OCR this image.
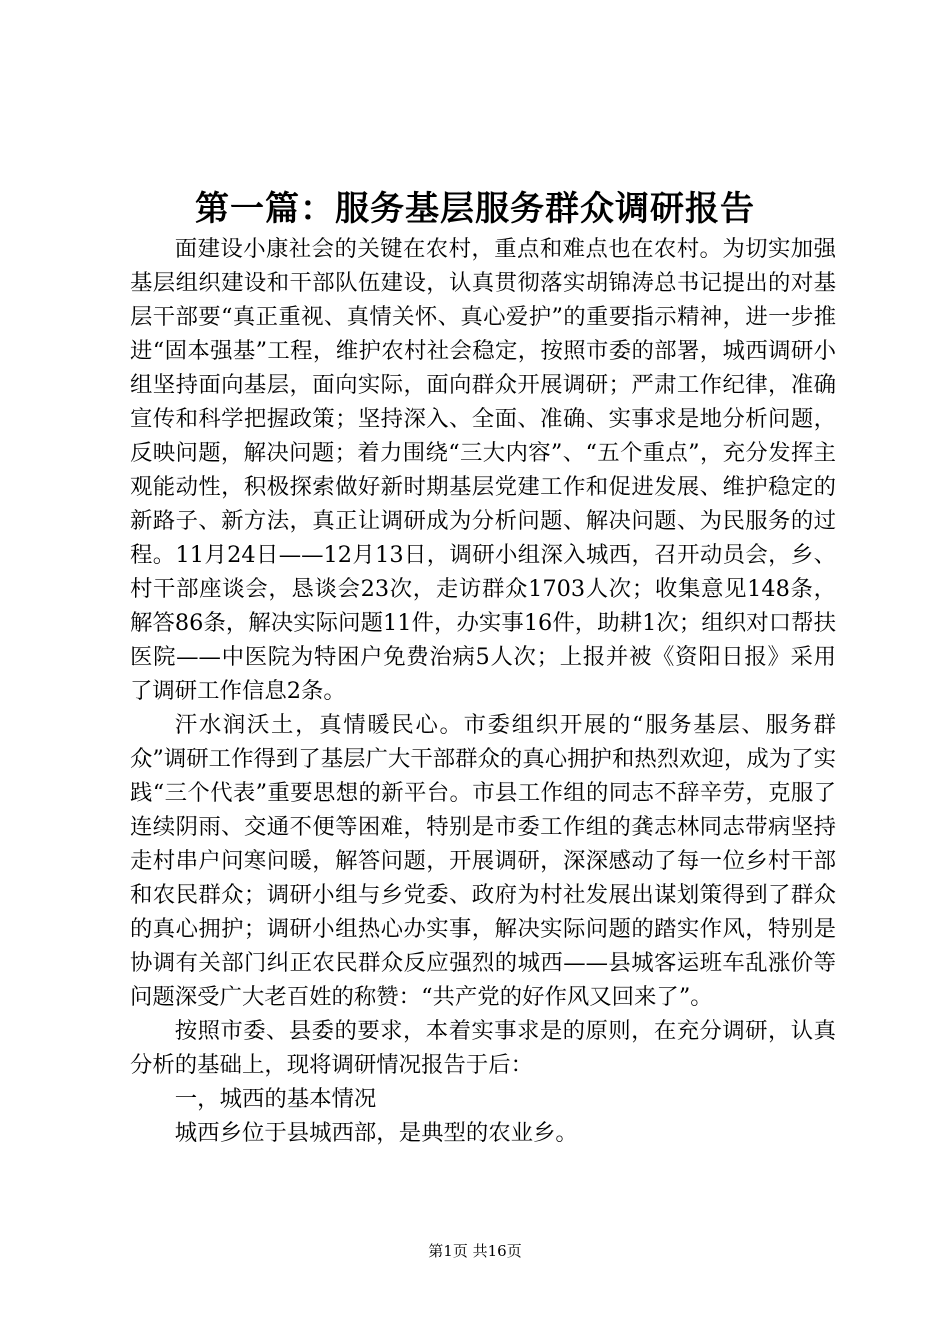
第一篇：服务基层服务群众调研报告

面建设小康社会的关键在农村，重点和难点也在农村。为切实加强基层组织建设和干部队伍建设，认真贯彻落实胡锦涛总书记提出的对基层干部要“真正重视、真情关怀、真心爱护”的重要指示精神，进一步推进“固本强基”工程，维护农村社会稳定，按照市委的部署，城西调研小组坚持面向基层，面向实际，面向群众开展调研；严肃工作纪律，准确宣传和科学把握政策；坚持深入、全面、准确、实事求是地分析问题，反映问题，解决问题；着力围绕“三大内容”、“五个重点”，充分发挥主观能动性，积极探索做好新时期基层党建工作和促进发展、维护稳定的新路子、新方法，真正让调研成为分析问题、解决问题、为民服务的过程。11月24日——12月13日，调研小组深入城西，召开动员会，乡、村干部座谈会，恳谈会23次，走访群众1703人次；收集意见148条，解答86条，解决实际问题11件，办实事16件，助耕1次；组织对口帮扶医院——中医院为特困户免费治病5人次；上报并被《资阳日报》采用了调研工作信息2条。

汗水润沃土，真情暖民心。市委组织开展的“服务基层、服务群众”调研工作得到了基层广大干部群众的真心拥护和热烈欢迎，成为了实践“三个代表”重要思想的新平台。市县工作组的同志不辞辛劳，克服了连续阴雨、交通不便等困难，特别是市委工作组的龚志林同志带病坚持走村串户问寒问暖，解答问题，开展调研，深深感动了每一位乡村干部和农民群众；调研小组与乡党委、政府为村社发展出谋划策得到了群众的真心拥护；调研小组热心办实事，解决实际问题的踏实作风，特别是协调有关部门纠正农民群众反应强烈的城西——县城客运班车乱涨价等问题深受广大老百姓的称赞：“共产党的好作风又回来了”。

按照市委、县委的要求，本着实事求是的原则，在充分调研，认真分析的基础上，现将调研情况报告于后：

一，城西的基本情况

城西乡位于县城西部，是典型的农业乡。

第1页 共16页
